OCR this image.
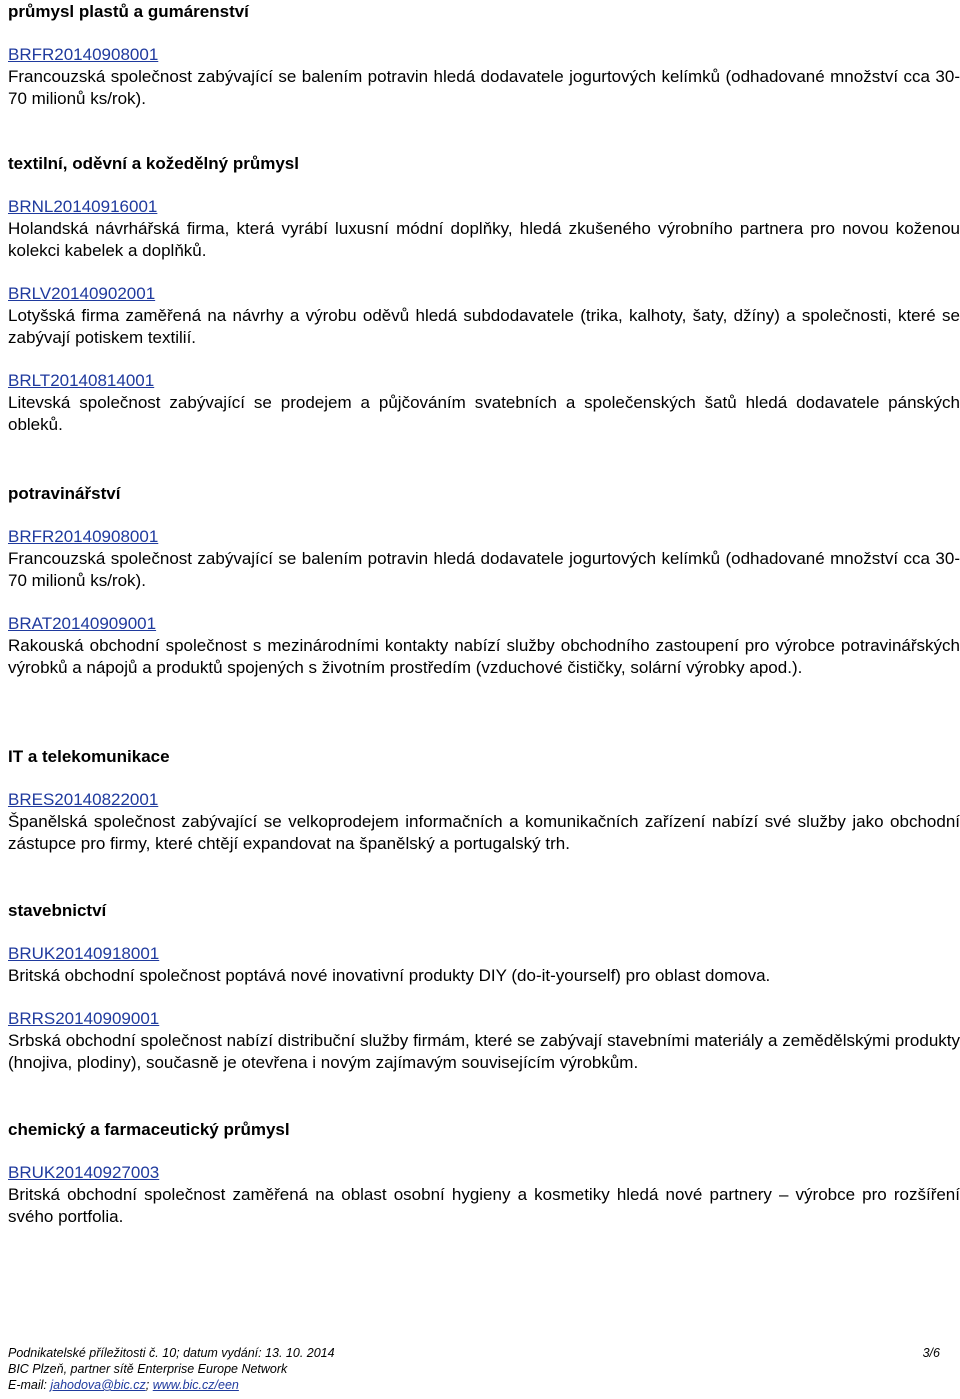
průmysl plastů a gumárenství
BRFR20140908001

Francouzská společnost zabývající se balením potravin hledá dodavatele jogurtových kelímků (odhadované množství cca 30-70 milionů ks/rok).

textilní, oděvní a kožedělný průmysl
BRNL20140916001

Holandská návrhářská firma, která vyrábí luxusní módní doplňky, hledá zkušeného výrobního partnera pro novou koženou kolekci kabelek a doplňků.

BRLV20140902001

Lotyšská firma zaměřená na návrhy a výrobu oděvů hledá subdodavatele (trika, kalhoty, šaty, džíny) a společnosti, které se zabývají potiskem textilií.

BRLT20140814001

Litevská společnost zabývající se prodejem a půjčováním svatebních a společenských šatů hledá dodavatele pánských obleků.

potravinářství
BRFR20140908001

Francouzská společnost zabývající se balením potravin hledá dodavatele jogurtových kelímků (odhadované množství cca 30-70 milionů ks/rok).

BRAT20140909001

Rakouská obchodní společnost s mezinárodními kontakty nabízí služby obchodního zastoupení pro výrobce potravinářských výrobků a nápojů a produktů spojených s životním prostředím (vzduchové čističky, solární výrobky apod.).

IT a telekomunikace
BRES20140822001

Španělská společnost zabývající se velkoprodejem informačních a komunikačních zařízení nabízí své služby jako obchodní zástupce pro firmy, které chtějí expandovat na španělský a portugalský trh.

stavebnictví
BRUK20140918001

Britská obchodní společnost poptává nové inovativní produkty DIY (do-it-yourself) pro oblast domova.

BRRS20140909001

Srbská obchodní společnost nabízí distribuční služby firmám, které se zabývají stavebními materiály a zemědělskými produkty (hnojiva, plodiny), současně je otevřena i novým zajímavým souvisejícím výrobkům.

chemický a farmaceutický průmysl
BRUK20140927003

Britská obchodní společnost zaměřená na oblast osobní hygieny a kosmetiky hledá nové partnery – výrobce pro rozšíření svého portfolia.

Podnikatelské příležitosti č. 10; datum vydání: 13. 10. 2014	3/6
BIC Plzeň, partner sítě Enterprise Europe Network
E-mail: jahodova@bic.cz; www.bic.cz/een
